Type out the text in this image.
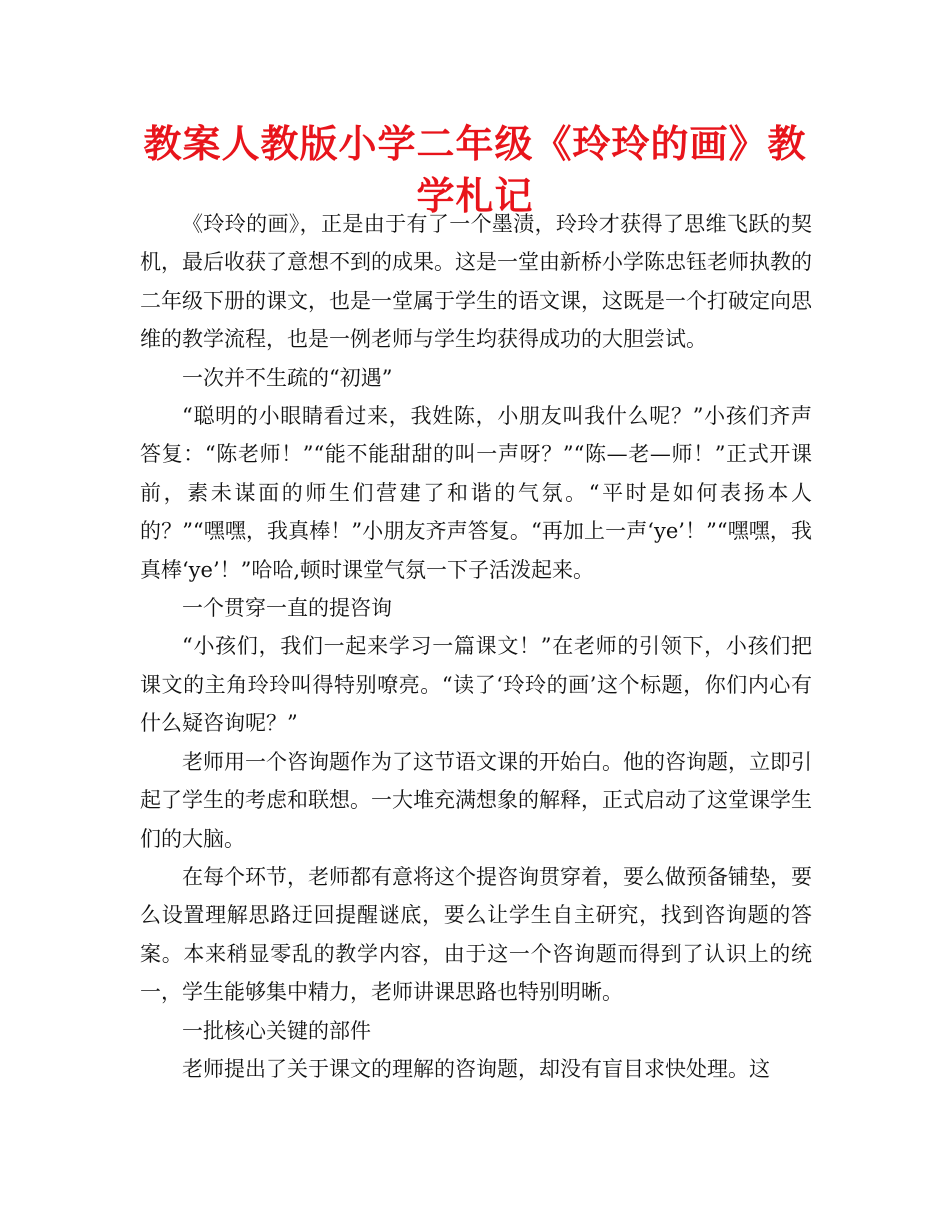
教案人教版小学二年级《玲玲的画》教学札记

《玲玲的画》，正是由于有了一个墨渍，玲玲才获得了思维飞跃的契机，最后收获了意想不到的成果。这是一堂由新桥小学陈忠钰老师执教的二年级下册的课文，也是一堂属于学生的语文课，这既是一个打破定向思维的教学流程，也是一例老师与学生均获得成功的大胆尝试。

一次并不生疏的“初遇”

“聪明的小眼睛看过来，我姓陈，小朋友叫我什么呢？”小孩们齐声答复：“陈老师！”“能不能甜甜的叫一声呀？”“陈—老—师！”正式开课前，素未谋面的师生们营建了和谐的气氛。“平时是如何表扬本人的？”“嘿嘿，我真棒！”小朋友齐声答复。“再加上一声‘ye’！”“嘿嘿，我真棒‘ye’！”哈哈,顿时课堂气氛一下子活泼起来。

一个贯穿一直的提咨询

“小孩们，我们一起来学习一篇课文！”在老师的引领下，小孩们把课文的主角玲玲叫得特别嘹亮。“读了‘玲玲的画’这个标题，你们内心有什么疑咨询呢？”

老师用一个咨询题作为了这节语文课的开始白。他的咨询题，立即引起了学生的考虑和联想。一大堆充满想象的解释，正式启动了这堂课学生们的大脑。

在每个环节，老师都有意将这个提咨询贯穿着，要么做预备铺垫，要么设置理解思路迂回提醒谜底，要么让学生自主研究，找到咨询题的答案。本来稍显零乱的教学内容，由于这一个咨询题而得到了认识上的统一，学生能够集中精力，老师讲课思路也特别明晰。

一批核心关键的部件

老师提出了关于课文的理解的咨询题，却没有盲目求快处理。这
